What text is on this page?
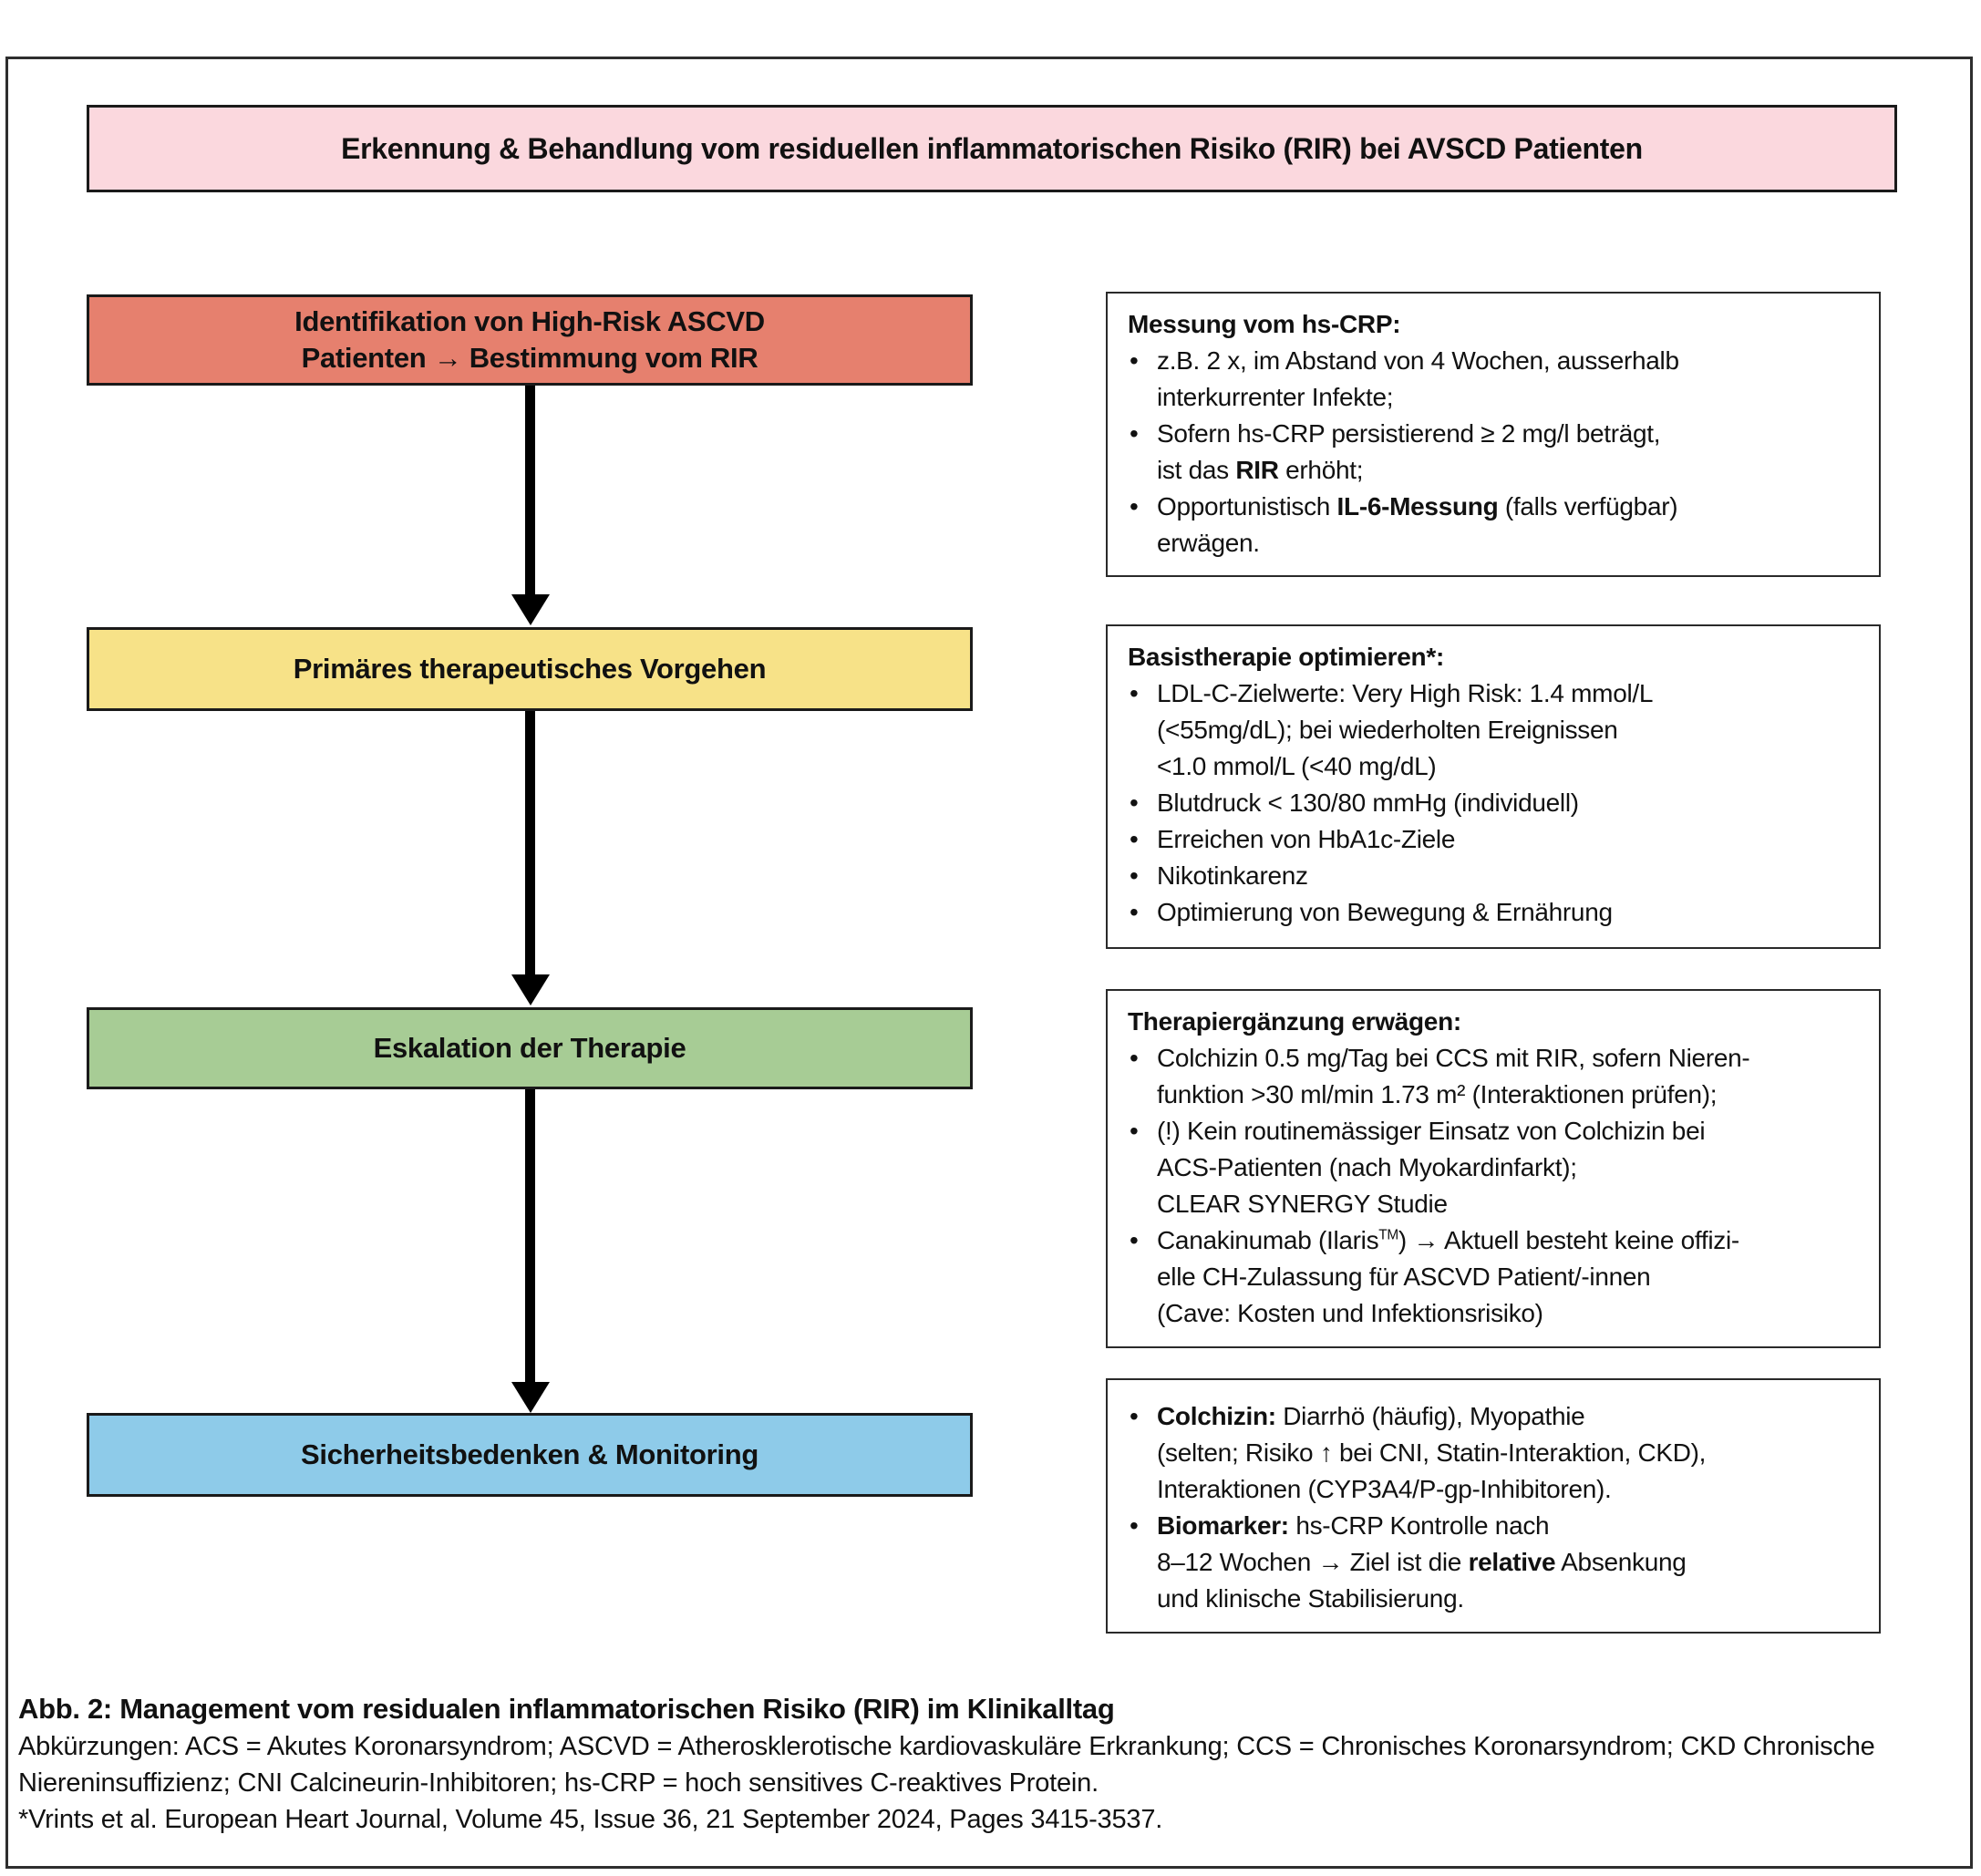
Erkennung & Behandlung vom residuellen inflammatorischen Risiko (RIR) bei AVSCD Patienten
Identifikation von High-Risk ASCVD
Patienten → Bestimmung vom RIR
Primäres therapeutisches Vorgehen
Eskalation der Therapie
Sicherheitsbedenken & Monitoring
Messung vom hs-CRP:
• z.B. 2 x, im Abstand von 4 Wochen, ausserhalb
interkurrenter Infekte;
• Sofern hs-CRP persistierend ≥ 2 mg/l beträgt,
ist das RIR erhöht;
• Opportunistisch IL-6-Messung (falls verfügbar)
erwägen.
Basistherapie optimieren*:
• LDL-C-Zielwerte: Very High Risk: 1.4 mmol/L
(<55mg/dL); bei wiederholten Ereignissen
<1.0 mmol/L (<40 mg/dL)
• Blutdruck < 130/80 mmHg (individuell)
• Erreichen von HbA1c-Ziele
• Nikotinkarenz
• Optimierung von Bewegung & Ernährung
Therapiergänzung erwägen:
• Colchizin 0.5 mg/Tag bei CCS mit RIR, sofern Nieren-
funktion >30 ml/min 1.73 m² (Interaktionen prüfen);
• (!) Kein routinemässiger Einsatz von Colchizin bei
ACS-Patienten (nach Myokardinfarkt);
CLEAR SYNERGY Studie
• Canakinumab (Ilaris™) → Aktuell besteht keine offizi-
elle CH-Zulassung für ASCVD Patient/-innen
(Cave: Kosten und Infektionsrisiko)
• Colchizin: Diarrhö (häufig), Myopathie
(selten; Risiko ↑ bei CNI, Statin-Interaktion, CKD),
Interaktionen (CYP3A4/P-gp-Inhibitoren).
• Biomarker: hs-CRP Kontrolle nach
8–12 Wochen → Ziel ist die relative Absenkung
und klinische Stabilisierung.
Abb. 2: Management vom residualen inflammatorischen Risiko (RIR) im Klinikalltag
Abkürzungen: ACS = Akutes Koronarsyndrom; ASCVD = Atherosklerotische kardiovaskuläre Erkrankung; CCS = Chronisches Koronarsyndrom; CKD Chronische
Niereninsuffizienz; CNI Calcineurin-Inhibitoren; hs-CRP = hoch sensitives C-reaktives Protein.
*Vrints et al. European Heart Journal, Volume 45, Issue 36, 21 September 2024, Pages 3415-3537.
